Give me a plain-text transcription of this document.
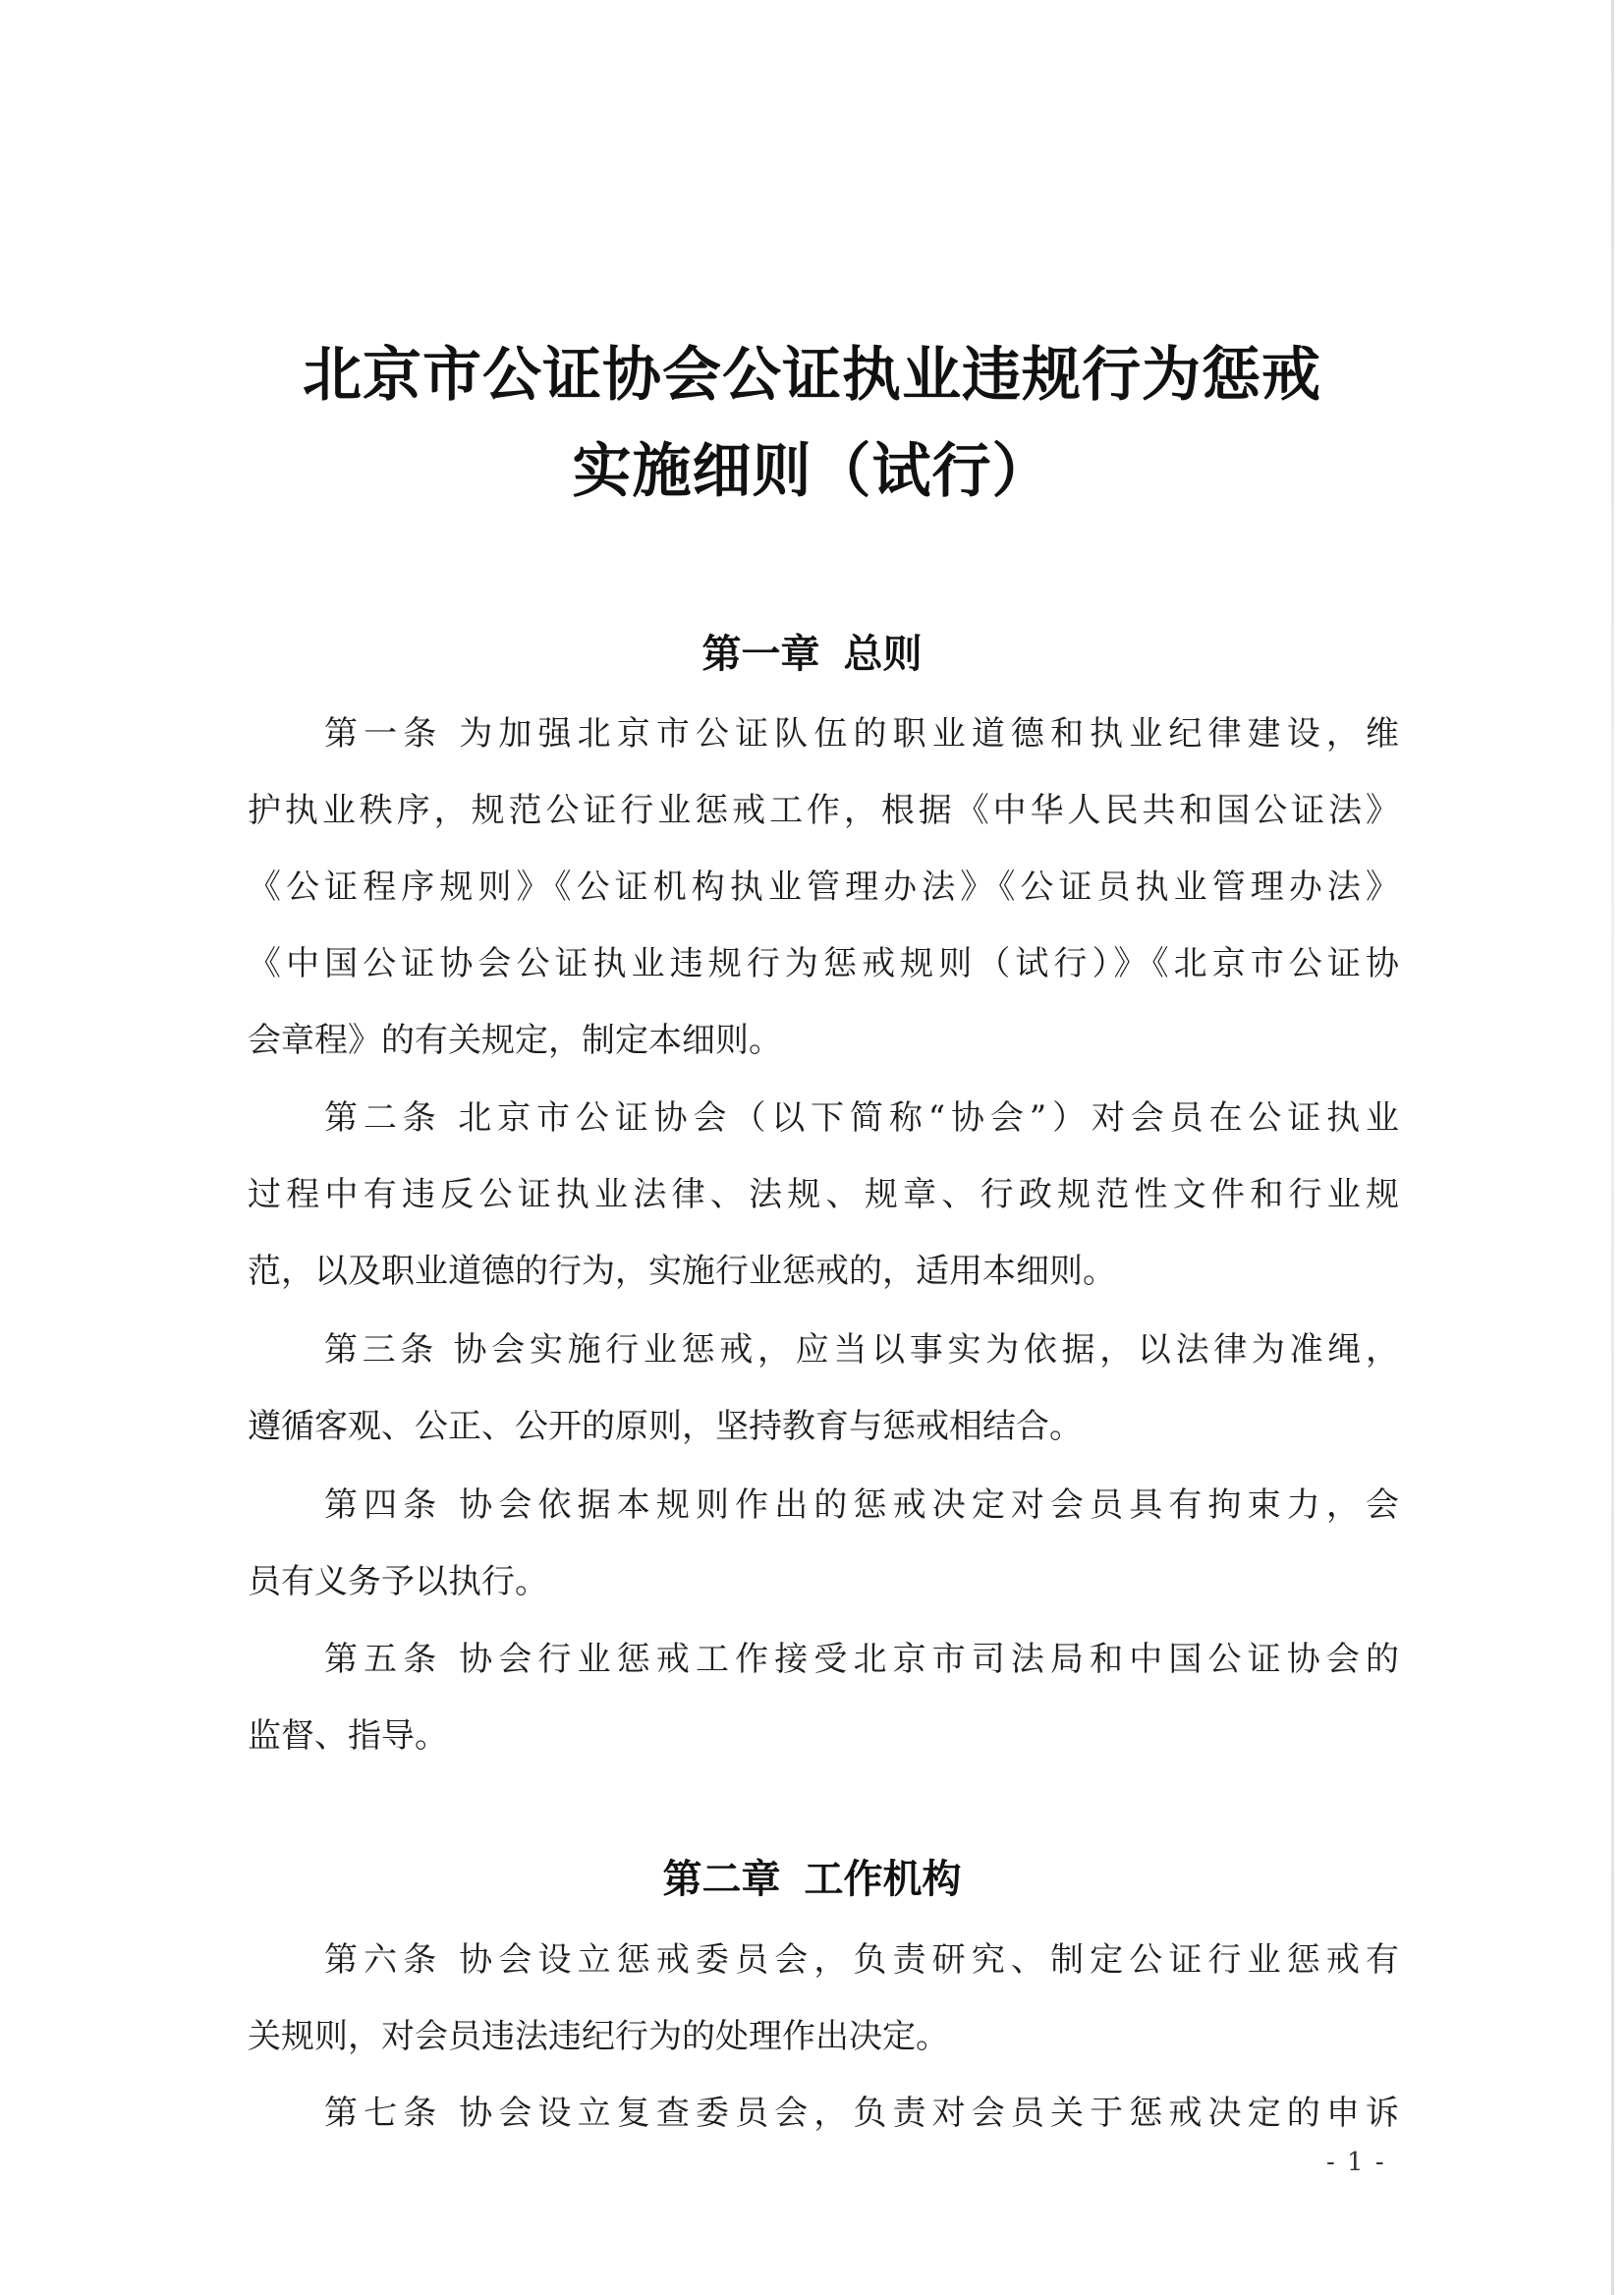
北京市公证协会公证执业违规行为惩戒
实施细则（试行）
第一章 总则
第一条 为加强北京市公证队伍的职业道德和执业纪律建设，维
护执业秩序，规范公证行业惩戒工作，根据《中华人民共和国公证法》
《公证程序规则》《公证机构执业管理办法》《公证员执业管理办法》
《中国公证协会公证执业违规行为惩戒规则（试行）》《北京市公证协
会章程》的有关规定，制定本细则。
第二条 北京市公证协会（以下简称“协会”）对会员在公证执业
过程中有违反公证执业法律、法规、规章、行政规范性文件和行业规
范，以及职业道德的行为，实施行业惩戒的，适用本细则。
第三条 协会实施行业惩戒，应当以事实为依据，以法律为准绳，
遵循客观、公正、公开的原则，坚持教育与惩戒相结合。
第四条 协会依据本规则作出的惩戒决定对会员具有拘束力，会
员有义务予以执行。
第五条 协会行业惩戒工作接受北京市司法局和中国公证协会的
监督、指导。
第二章 工作机构
第六条 协会设立惩戒委员会，负责研究、制定公证行业惩戒有
关规则，对会员违法违纪行为的处理作出决定。
第七条 协会设立复查委员会，负责对会员关于惩戒决定的申诉
- 1 -
